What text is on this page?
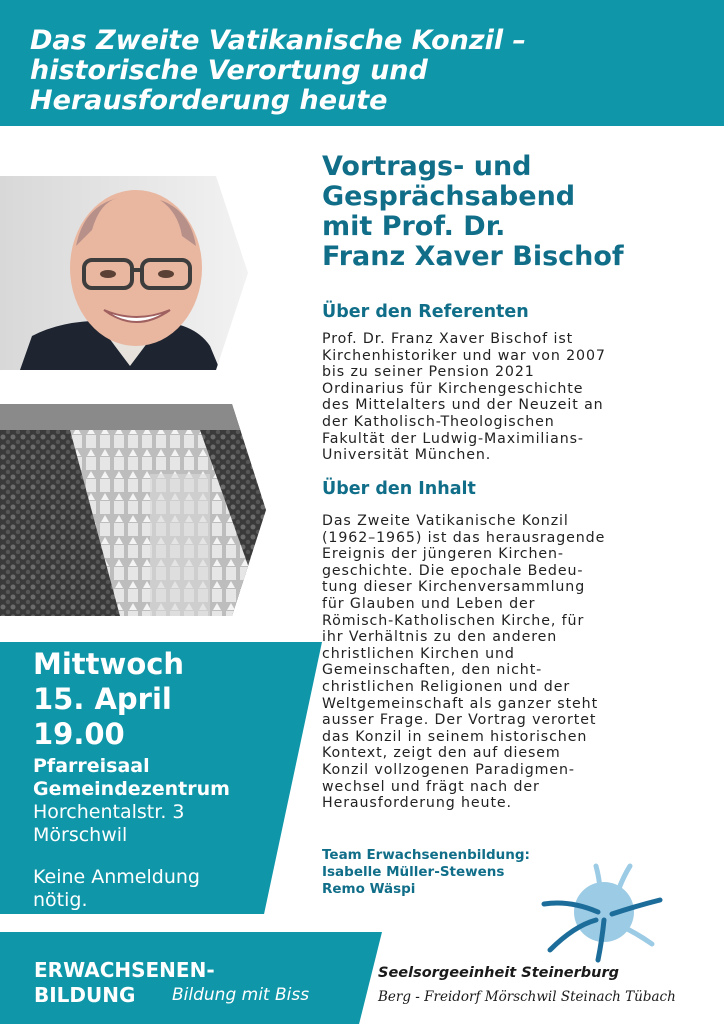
Das Zweite Vatikanische Konzil –
historische Verortung und
Herausforderung heute
Vortrags- und
Gesprächsabend
mit Prof. Dr.
Franz Xaver Bischof
Über den Referenten
Prof. Dr. Franz Xaver Bischof ist
Kirchenhistoriker und war von 2007
bis zu seiner Pension 2021
Ordinarius für Kirchengeschichte
des Mittelalters und der Neuzeit an
der Katholisch-Theologischen
Fakultät der Ludwig-Maximilians-
Universität München.
Über den Inhalt
Das Zweite Vatikanische Konzil
(1962–1965) ist das herausragende
Ereignis der jüngeren Kirchen-
geschichte. Die epochale Bedeu-
tung dieser Kirchenversammlung
für Glauben und Leben der
Römisch-Katholischen Kirche, für
ihr Verhältnis zu den anderen
christlichen Kirchen und
Gemeinschaften, den nicht-
christlichen Religionen und der
Weltgemeinschaft als ganzer steht
ausser Frage. Der Vortrag verortet
das Konzil in seinem historischen
Kontext, zeigt den auf diesem
Konzil vollzogenen Paradigmen-
wechsel und frägt nach der
Herausforderung heute.
Mittwoch
15. April
19.00
Pfarreisaal
Gemeindezentrum
Horchentalstr. 3
Mörschwil
Keine Anmeldung
nötig.
Team Erwachsenenbildung:
Isabelle Müller-Stewens
Remo Wäspi
ERWACHSENEN-
BILDUNG Bildung mit Biss
Seelsorgeeinheit Steinerburg
Berg - Freidorf Mörschwil Steinach Tübach
